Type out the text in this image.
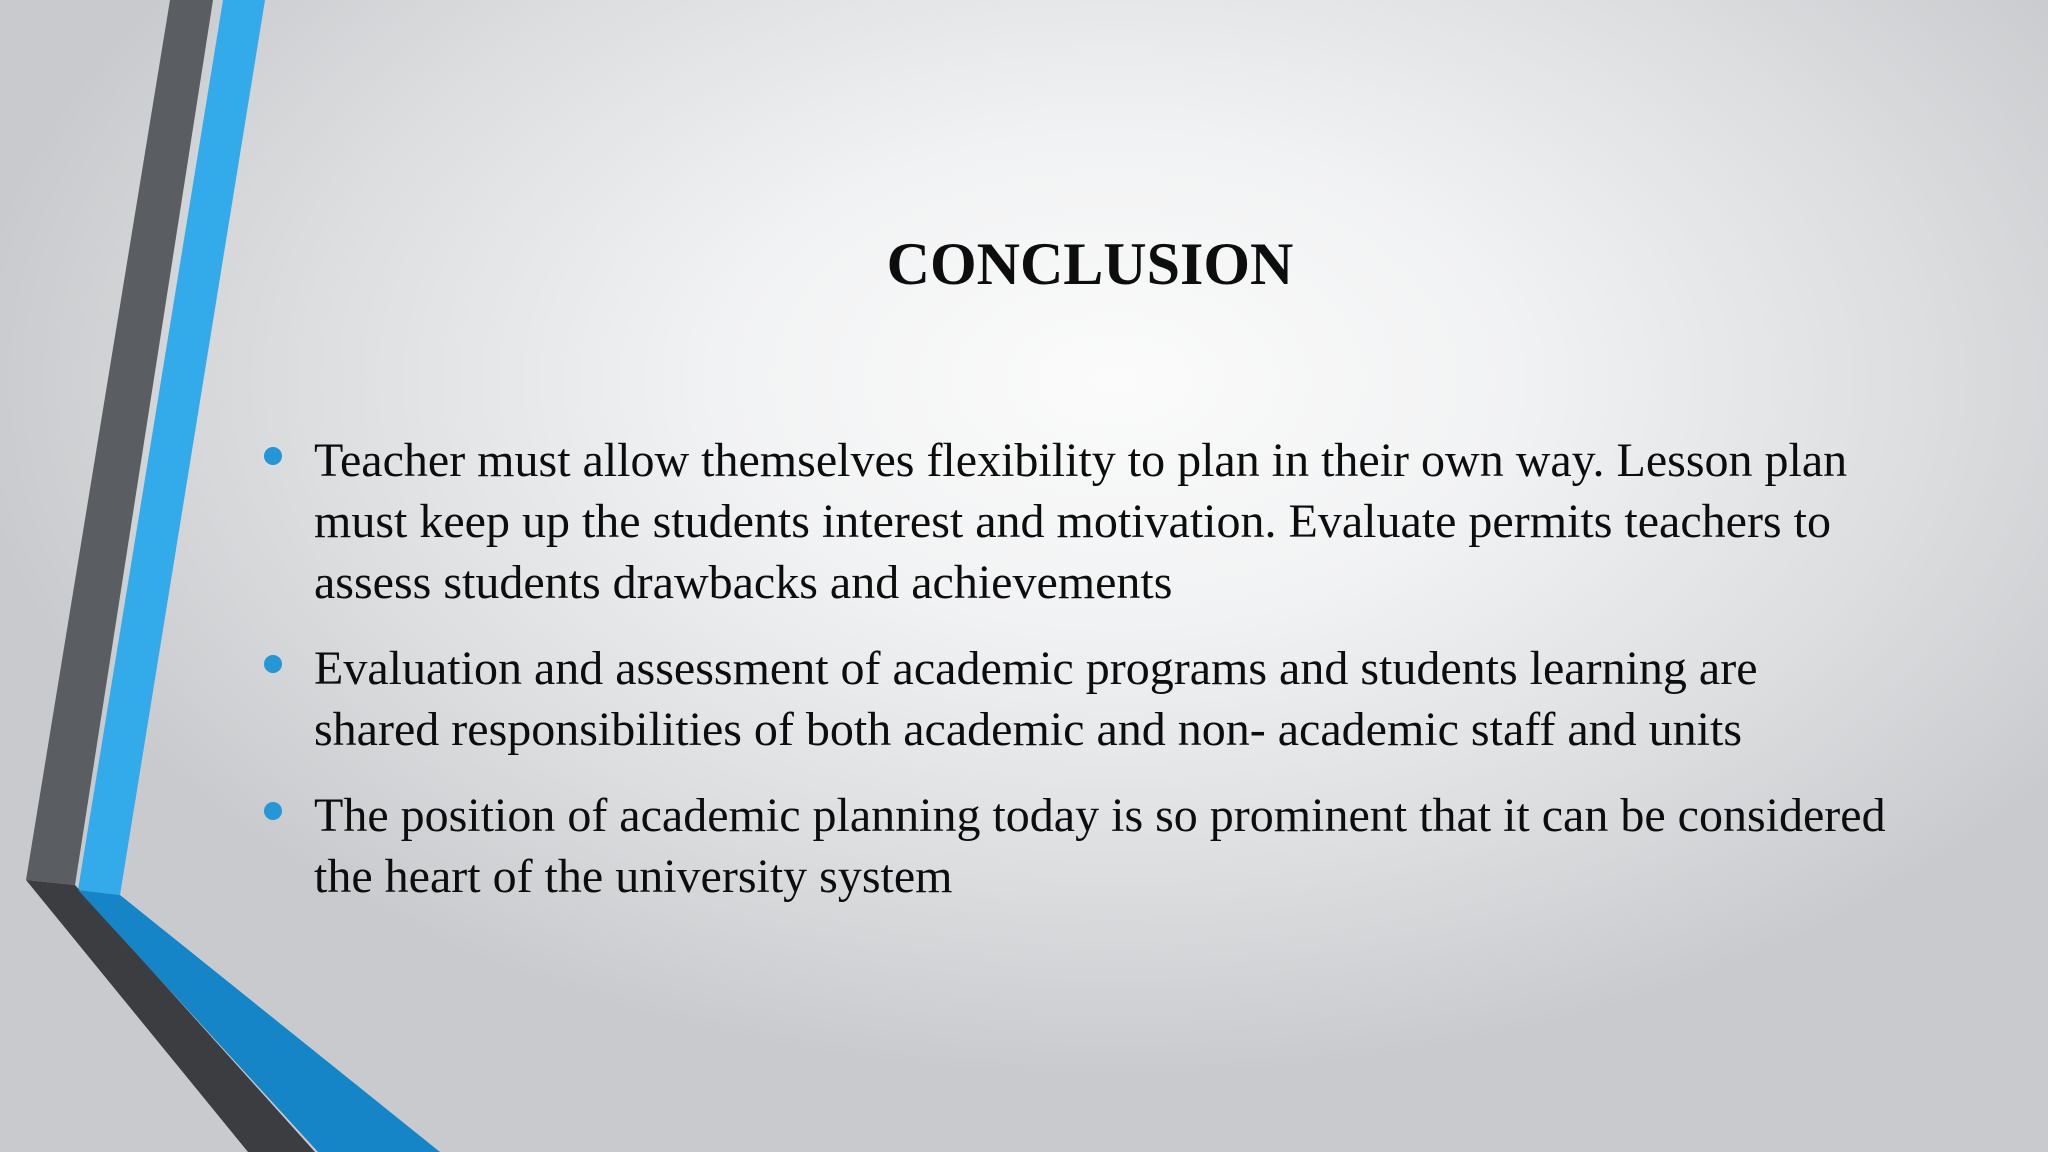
CONCLUSION
Teacher must allow themselves flexibility to plan in their own way. Lesson plan must keep up the students interest and motivation. Evaluate permits teachers to assess students drawbacks and achievements
Evaluation and assessment of academic programs and students learning are shared responsibilities of both academic and non- academic staff and units
The position of academic planning today is so prominent that it can be considered the heart of the university system
